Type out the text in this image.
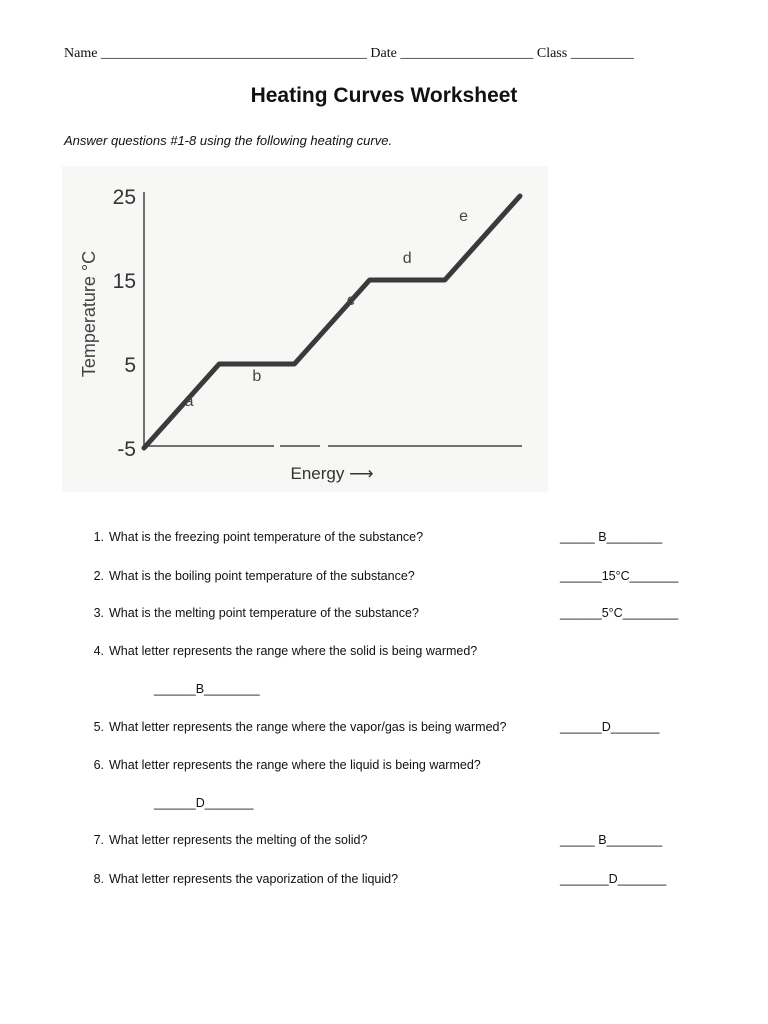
Name ______________________________________ Date ___________________ Class _________
Heating Curves Worksheet
Answer questions #1-8 using the following heating curve.
25
15
5
-5
Temperature °C
Energy ⟶
a
b
c
d
e
1. What is the freezing point temperature of the substance?	_____ B________
2. What is the boiling point temperature of the substance?	______15°C_______
3. What is the melting point temperature of the substance?	______5°C________
4. What letter represents the range where the solid is being warmed?
______B________
5. What letter represents the range where the vapor/gas is being warmed?	______D_______
6. What letter represents the range where the liquid is being warmed?
______D_______
7. What letter represents the melting of the solid?	_____ B________
8. What letter represents the vaporization of the liquid?	_______D_______
